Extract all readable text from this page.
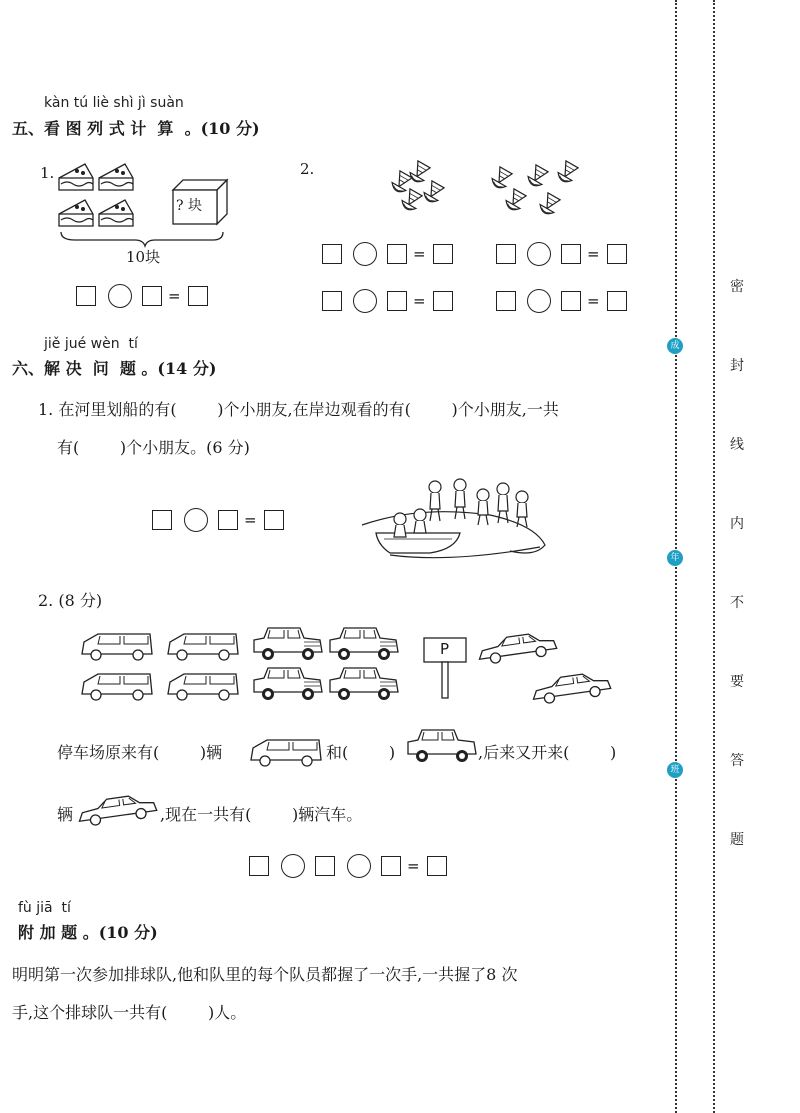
kàn tú liè shì jì suàn
五、看 图 列 式 计  算  。(10 分)
1.
? 块
10块
=
2.
=	=
=	=
jiě jué wèn  tí
六、解 决  问  题 。(14 分)
1. 在河里划船的有(        )个小朋友,在岸边观看的有(        )个小朋友,一共
有(        )个小朋友。(6 分)
=
2. (8 分)
P
停车场原来有(        )辆	和(        )	,后来又开来(        )
辆	,现在一共有(        )辆汽车。
=
fù jiā  tí
附 加 题 。(10 分)
明明第一次参加排球队,他和队里的每个队员都握了一次手,一共握了8 次
手,这个排球队一共有(        )人。
成
年
班
密
封
线
内
不
要
答
题
